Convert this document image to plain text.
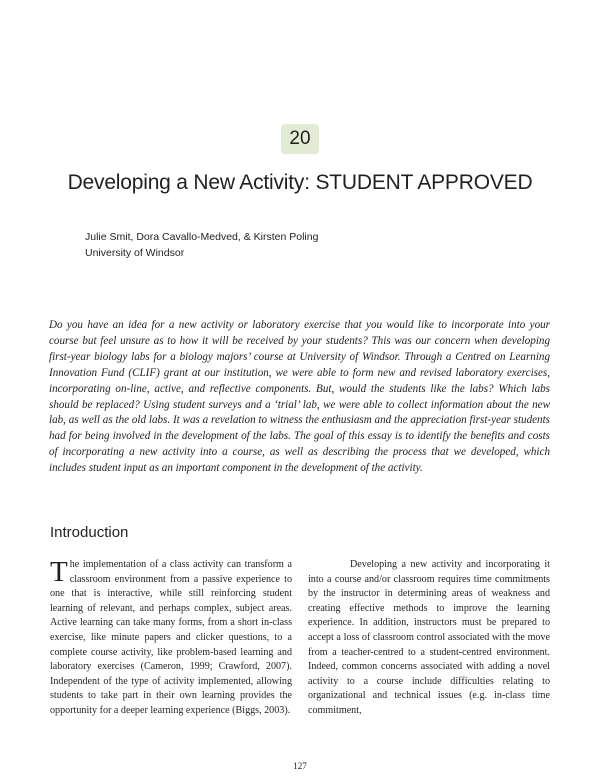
20
Developing a New Activity: STUDENT APPROVED
Julie Smit, Dora Cavallo-Medved, & Kirsten Poling
University of Windsor

Do you have an idea for a new activity or laboratory exercise that you would like to incorporate into your course but feel unsure as to how it will be received by your students? This was our concern when developing first-year biology labs for a biology majors’ course at University of Windsor. Through a Centred on Learning Innovation Fund (CLIF) grant at our institution, we were able to form new and revised laboratory exercises, incorporating on-line, active, and reflective components. But, would the students like the labs? Which labs should be replaced? Using student surveys and a ‘trial’ lab, we were able to collect information about the new lab, as well as the old labs. It was a revelation to witness the enthusiasm and the appreciation first-year students had for being involved in the development of the labs. The goal of this essay is to identify the benefits and costs of incorporating a new activity into a course, as well as describing the process that we developed, which includes student input as an important component in the development of the activity.

Introduction

The implementation of a class activity can transform a classroom environment from a passive experience to one that is interactive, while still reinforcing student learning of relevant, and perhaps complex, subject areas. Active learning can take many forms, from a short in-class exercise, like minute papers and clicker questions, to a complete course activity, like problem-based learning and laboratory exercises (Cameron, 1999; Crawford, 2007). Independent of the type of activity implemented, allowing students to take part in their own learning provides the opportunity for a deeper learning experience (Biggs, 2003).

Developing a new activity and incorporating it into a course and/or classroom requires time commitments by the instructor in determining areas of weakness and creating effective methods to improve the learning experience. In addition, instructors must be prepared to accept a loss of classroom control associated with the move from a teacher-centred to a student-centred environment. Indeed, common concerns associated with adding a novel activity to a course include difficulties relating to organizational and technical issues (e.g. in-class time commitment,

127
